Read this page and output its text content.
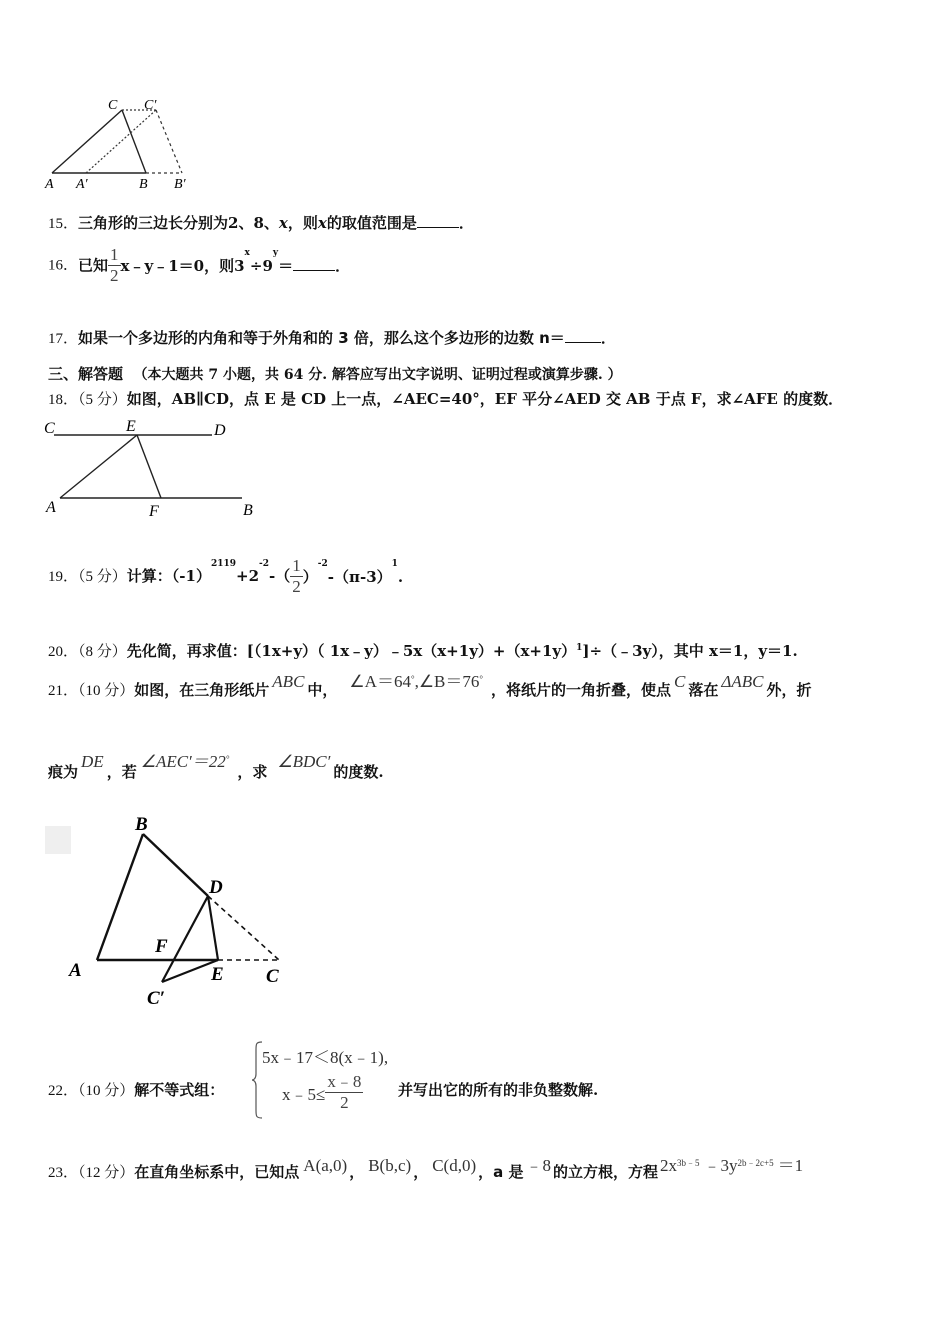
C C′
A A′	B B′
15．三角形的三边长分别为2、8、x，则x的取值范围是	．
16．已知 $\frac{1}{2}$ x﹣y﹣1＝0，则$3^x\div 9^y=$	．
17．如果一个多边形的内角和等于外角和的 3 倍，那么这个多边形的边数 n＝ ．
三、解答题 （本大题共 7 小题，共 64 分. 解答应写出文字说明、证明过程或演算步骤. ）
18．（5 分）如图，AB∥CD，点 E 是 CD 上一点，∠AEC=40°，EF 平分∠AED 交 AB 于点 F，求∠AFE 的度数．
C	E	D
A	F	B
19．（5 分）计算：$(-1)^{2119}+2^{-2}-( \frac{1}{2} )^{-2}-(\pi-3)^1$.
20．（8 分）先化简，再求值：[（1x+y）（ $1x﹣y)﹣5x(x+1y)+(x+1y)^1]\div(﹣3y)$，其中 x＝1，y＝1.
21．（10 分）如图，在三角形纸片 ABC 中， ∠A＝64°,∠B＝76°，将纸片的一角折叠，使点 C 落在 ΔABC 外，折
痕为DE，若∠AEC′＝22°，求∠BDC′的度数.
B
D
F
A	E C
C′
22．（10 分）解不等式组：
5x﹣17＜8(x﹣1),
x﹣5≤ $\frac{x﹣8}{2}$ 并写出它的所有的非负整数解.
23．（12 分）在直角坐标系中，已知点 A(a,0) ， B(b,c) ， C(d,0) ，a 是 ﹣8 的立方根，方程 $2x^{3b﹣5}$ $﹣3y^{2b﹣2c+5} =1$
